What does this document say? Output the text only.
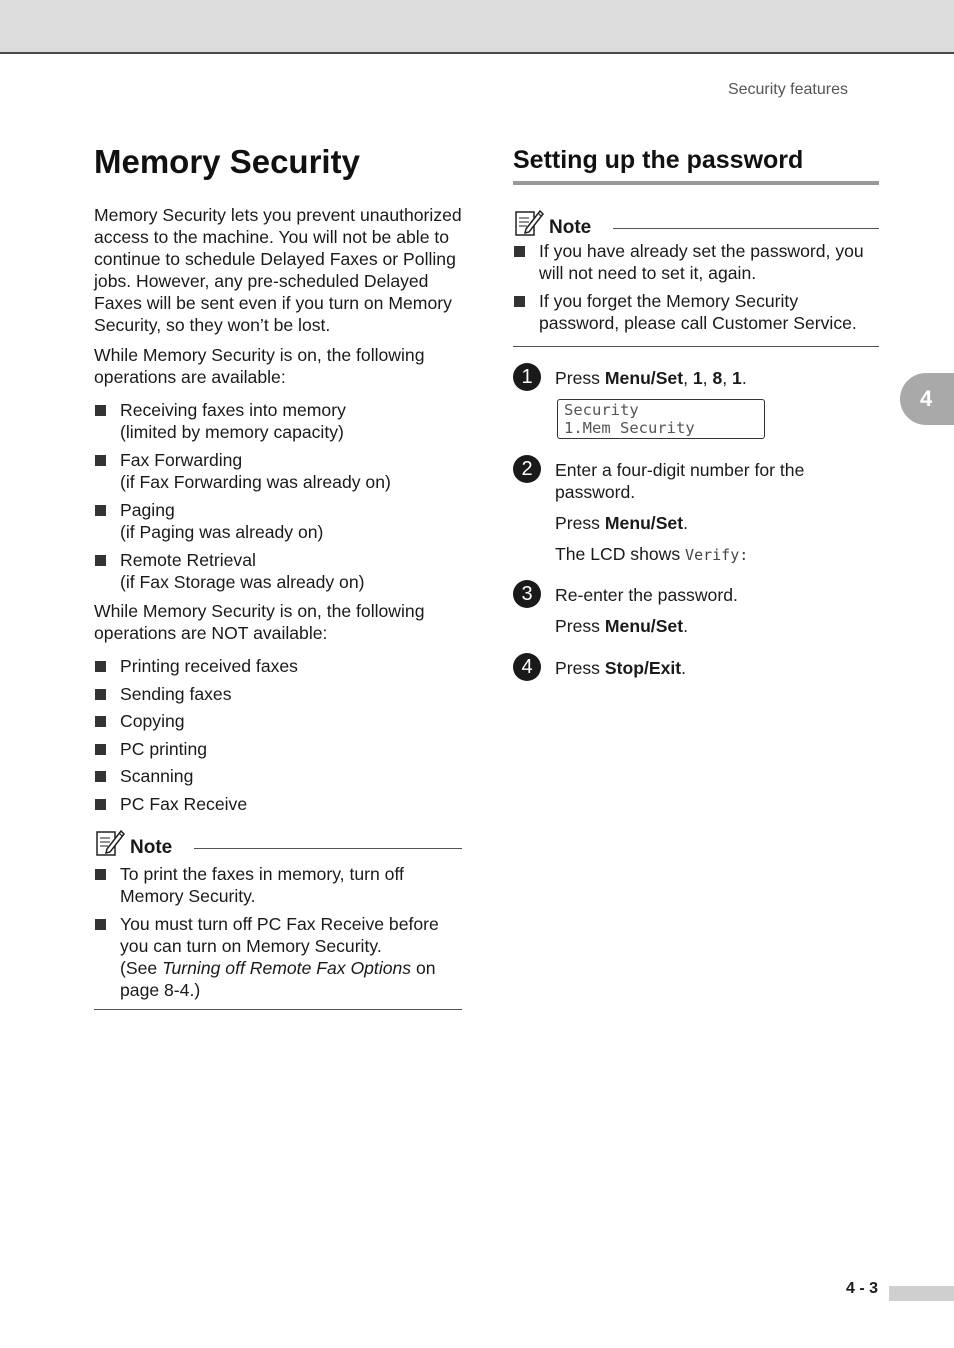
Security features
4
Memory Security

Memory Security lets you prevent unauthorized access to the machine. You will not be able to continue to schedule Delayed Faxes or Polling jobs. However, any pre-scheduled Delayed Faxes will be sent even if you turn on Memory Security, so they won’t be lost.

While Memory Security is on, the following operations are available:

Receiving faxes into memory
(limited by memory capacity)
Fax Forwarding
(if Fax Forwarding was already on)
Paging
(if Paging was already on)
Remote Retrieval
(if Fax Storage was already on)

While Memory Security is on, the following operations are NOT available:

Printing received faxes
Sending faxes
Copying
PC printing
Scanning
PC Fax Receive
Note
To print the faxes in memory, turn off Memory Security.
You must turn off PC Fax Receive before you can turn on Memory Security.
(See Turning off Remote Fax Options on page 8-4.)
Setting up the password
Note
If you have already set the password, you will not need to set it, again.
If you forget the Memory Security password, please call Customer Service.
1	Press Menu/Set, 1, 8, 1.

Security
1.Mem Security
2	Enter a four-digit number for the password.

Press Menu/Set.

The LCD shows Verify:

3	Re-enter the password.

Press Menu/Set.

4	Press Stop/Exit.

4 - 3
